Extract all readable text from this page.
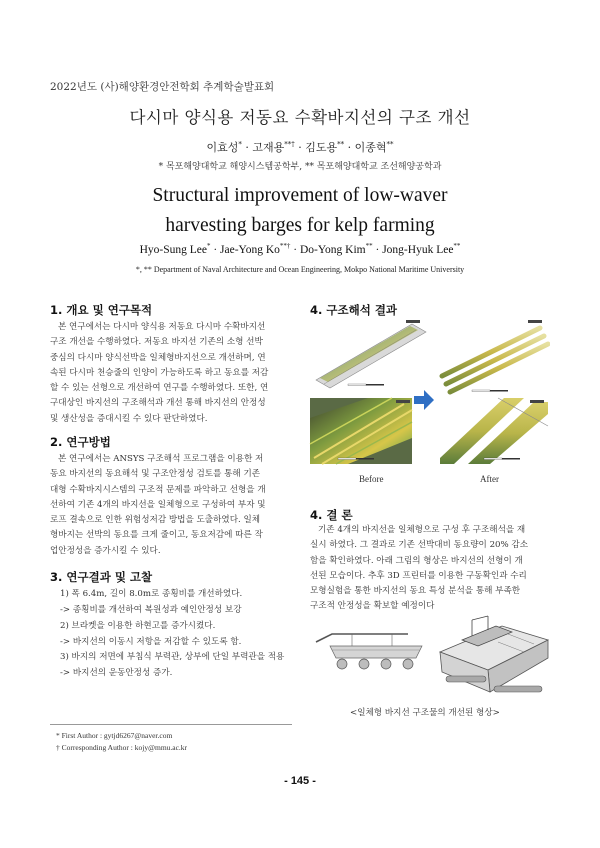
2022년도 (사)해양환경안전학회 추계학술발표회
다시마 양식용 저동요 수확바지선의 구조 개선
이효성* · 고재용**† · 김도용** · 이종혁**
* 목포해양대학교 해양시스템공학부, ** 목포해양대학교 조선해양공학과
Structural improvement of low-waver
harvesting barges for kelp farming
Hyo-Sung Lee* · Jae-Yong Ko**† · Do-Yong Kim** · Jong-Hyuk Lee**
*, ** Department of Naval Architecture and Ocean Engineering, Mokpo National Maritime University
1. 개요 및 연구목적
본 연구에서는 다시마 양식용 저동요 다시마 수확바지선
구조 개선을 수행하였다. 저동요 바지선 기존의 소형 선박
중심의 다시마 양식선박을 일체형바지선으로 개선하며, 연
속된 다시마 천승줄의 인양이 가능하도록 하고 동요를 저감
할 수 있는 선형으로 개선하여 연구를 수행하였다. 또한, 연
구대상인 바지선의 구조해석과 개선 통해 바지선의 안정성
및 생산성을 증대시킬 수 있다 판단하였다.
2. 연구방법
본 연구에서는 ANSYS 구조해석 프로그램을 이용한 저
동요 바지선의 동요해석 및 구조안정성 검토를 통해 기존
대형 수확바지시스템의 구조적 문제를 파악하고 선형을 개
선하여 기존 4개의 바지선을 일체형으로 구성하여 부자 및
로프 결속으로 인한 위험성저감 방법을 도출하였다. 일체
형바지는 선박의 동요를 크게 줄이고, 동요저감에 따른 작
업안정성을 증가시킬 수 있다.
3. 연구결과 및 고찰
1) 폭 6.4m, 길이 8.0m로 종횡비를 개선하였다.
-> 종횡비를 개선하여 복원성과 예인안정성 보강
2) 브라켓을 이용한 하현고를 증가시켰다.
-> 바지선의 이동시 저항을 저감할 수 있도록 함.
3) 바지의 저면에 부침식 부력관, 상부에 단일 부력관을 적용
-> 바지선의 운동안정성 증가.
4. 구조해석 결과
Before	After
4. 결 론
기존 4개의 바지선을 일체형으로 구성 후 구조해석을 재
실시 하였다. 그 결과로 기존 선박대비 동요량이 20% 감소
함을 확인하였다. 아래 그림의 형상은 바지선의 선형이 개
선된 모습이다. 추후 3D 프린터를 이용한 구동확인과 수리
모형실험을 통한 바지선의 동요 특성 분석을 통해 부족한
구조적 안정성을 확보할 예정이다
<일체형 바지선 구조물의 개선된 형상>
* First Author : gytjd6267@naver.com
† Corresponding Author : kojy@mmu.ac.kr
- 145 -
